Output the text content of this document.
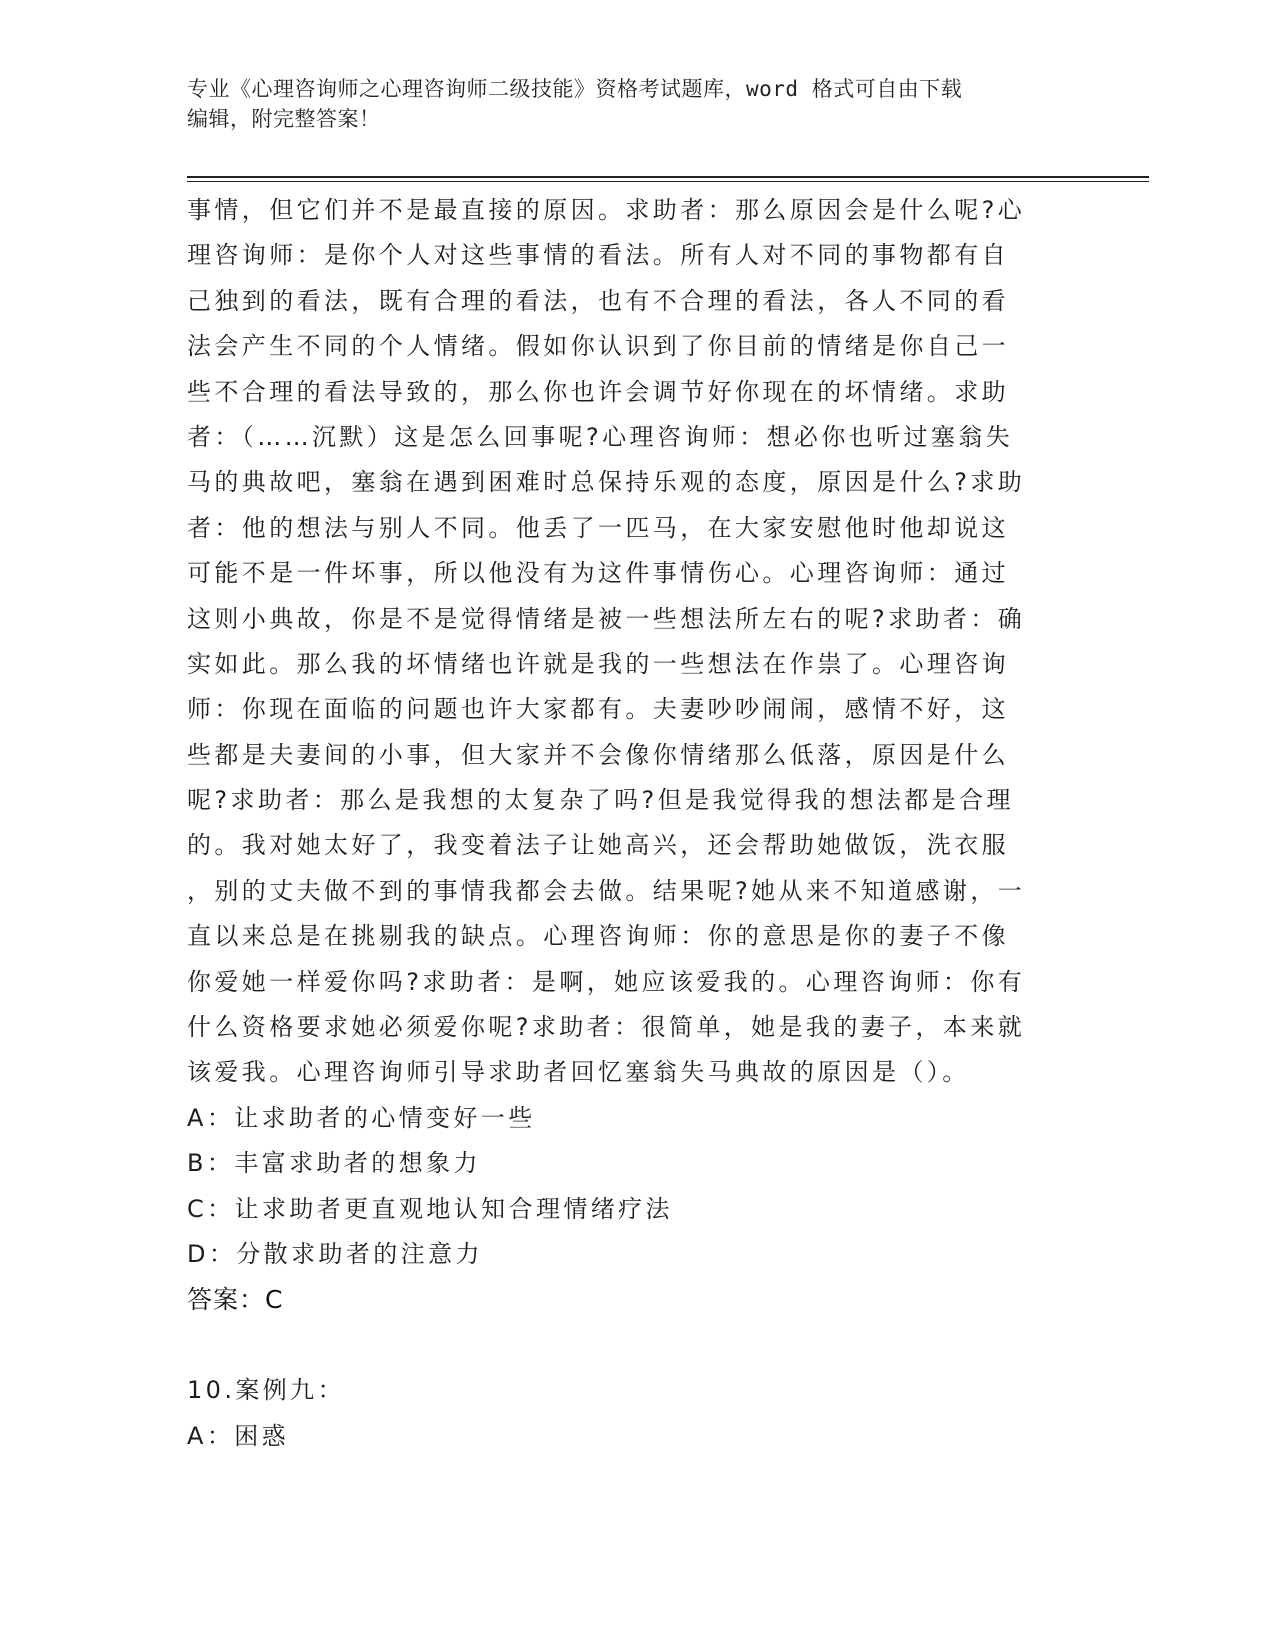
专业《心理咨询师之心理咨询师二级技能》资格考试题库，word 格式可自由下载
编辑，附完整答案！
事情，但它们并不是最直接的原因。求助者：那么原因会是什么呢?心
理咨询师：是你个人对这些事情的看法。所有人对不同的事物都有自
己独到的看法，既有合理的看法，也有不合理的看法，各人不同的看
法会产生不同的个人情绪。假如你认识到了你目前的情绪是你自己一
些不合理的看法导致的，那么你也许会调节好你现在的坏情绪。求助
者：（……沉默）这是怎么回事呢?心理咨询师：想必你也听过塞翁失
马的典故吧，塞翁在遇到困难时总保持乐观的态度，原因是什么?求助
者：他的想法与别人不同。他丢了一匹马，在大家安慰他时他却说这
可能不是一件坏事，所以他没有为这件事情伤心。心理咨询师：通过
这则小典故，你是不是觉得情绪是被一些想法所左右的呢?求助者：确
实如此。那么我的坏情绪也许就是我的一些想法在作祟了。心理咨询
师：你现在面临的问题也许大家都有。夫妻吵吵闹闹，感情不好，这
些都是夫妻间的小事，但大家并不会像你情绪那么低落，原因是什么
呢?求助者：那么是我想的太复杂了吗?但是我觉得我的想法都是合理
的。我对她太好了，我变着法子让她高兴，还会帮助她做饭，洗衣服
，别的丈夫做不到的事情我都会去做。结果呢?她从来不知道感谢，一
直以来总是在挑剔我的缺点。心理咨询师：你的意思是你的妻子不像
你爱她一样爱你吗?求助者：是啊，她应该爱我的。心理咨询师：你有
什么资格要求她必须爱你呢?求助者：很简单，她是我的妻子，本来就
该爱我。心理咨询师引导求助者回忆塞翁失马典故的原因是（）。
A：让求助者的心情变好一些
B：丰富求助者的想象力
C：让求助者更直观地认知合理情绪疗法
D：分散求助者的注意力
答案：C
10.案例九：
A：困惑
